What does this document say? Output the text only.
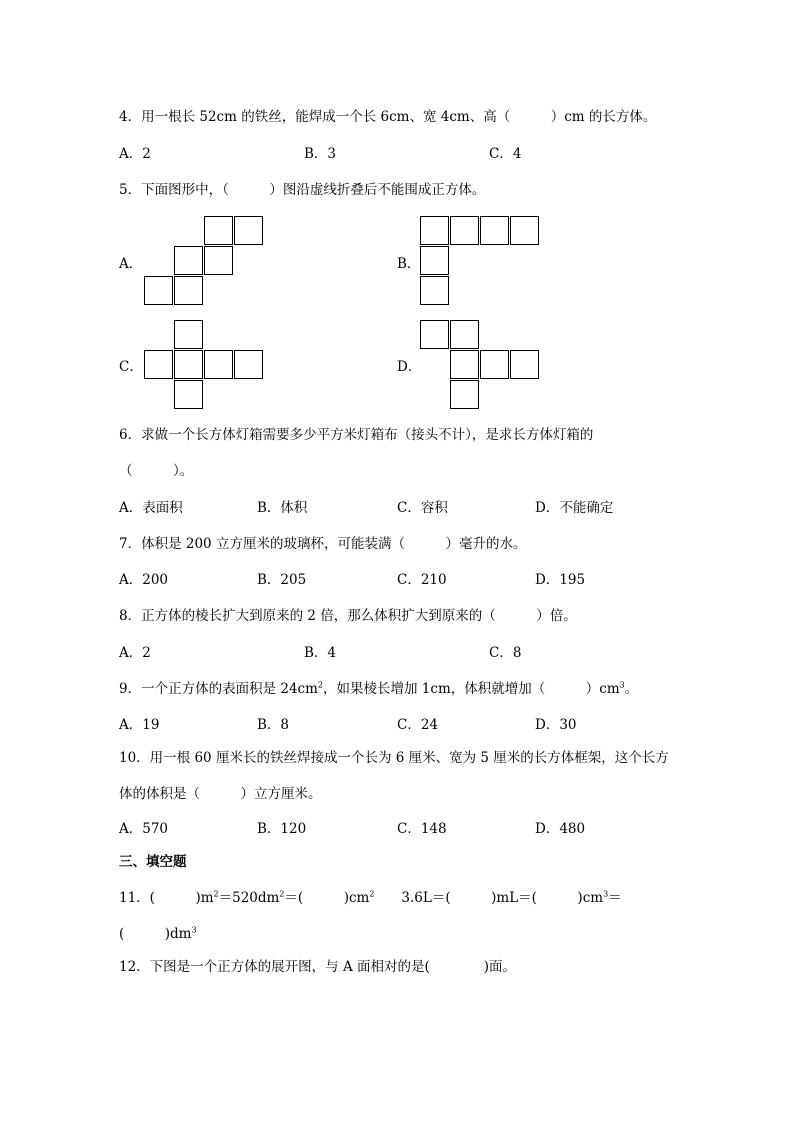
4．用一根长 52cm 的铁丝，能焊成一个长 6cm、宽 4cm、高（　　　）cm 的长方体。
A．2	B．3	C．4
5．下面图形中，（　　　）图沿虚线折叠后不能围成正方体。
A．	B．
C．	D．
6．求做一个长方体灯箱需要多少平方米灯箱布（接头不计），是求长方体灯箱的
（　　　）。
A．表面积	B．体积	C．容积	D．不能确定
7．体积是 200 立方厘米的玻璃杯，可能装满（　　　）毫升的水。
A．200	B．205	C．210	D．195
8．正方体的棱长扩大到原来的 2 倍，那么体积扩大到原来的（　　　）倍。
A．2	B．4	C．8
9．一个正方体的表面积是 $24cm^2$，如果棱长增加 1cm，体积就增加（　　　）$cm^3$。
A．19	B．8	C．24	D．30
10．用一根 60 厘米长的铁丝焊接成一个长为 6 厘米、宽为 5 厘米的长方体框架，这个长方
体的体积是（　　　）立方厘米。
A．570	B．120	C．148	D．480
三、填空题
11．(　　　)$m^2=520dm^2=$(　　　)$cm^2$　　3.6L＝(　　　)mL＝(　　　)$cm^3=$
(　　　)$dm^3$
12．下图是一个正方体的展开图，与 A 面相对的是(　　　　)面。
